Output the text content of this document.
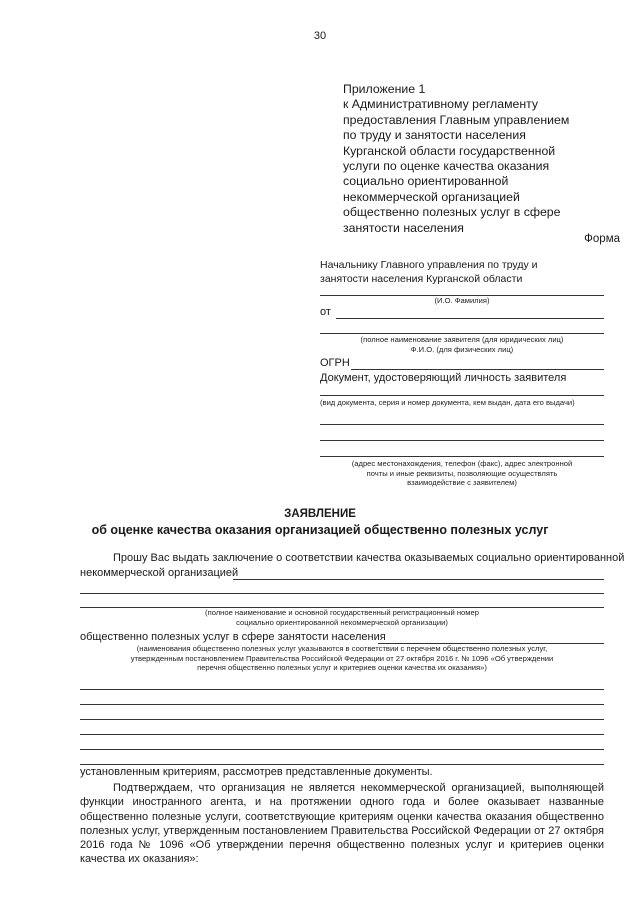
30
Приложение 1
к Административному регламенту
предоставления Главным управлением
по труду и занятости населения
Курганской области государственной
услуги по оценке качества оказания
социально ориентированной
некоммерческой организацией
общественно полезных услуг в сфере
занятости населения
Форма
Начальнику Главного управления по труду и
занятости населения Курганской области
(И.О. Фамилия)
от
(полное наименование заявителя (для юридических лиц)
Ф.И.О. (для физических лиц)
ОГРН
Документ, удостоверяющий личность заявителя
(вид документа, серия и номер документа, кем выдан, дата его выдачи)
(адрес местонахождения, телефон (факс), адрес электронной
почты и иные реквизиты, позволяющие осуществлять
взаимодействие с заявителем)
ЗАЯВЛЕНИЕ
об оценке качества оказания организацией общественно полезных услуг
Прошу Вас выдать заключение о соответствии качества оказываемых социально ориентированной
некоммерческой организацией
(полное наименование и основной государственный регистрационный номер
социально ориентированной некоммерческой организации)
общественно полезных услуг в сфере занятости населения
(наименования общественно полезных услуг указываются в соответствии с перечнем общественно полезных услуг,
утвержденным постановлением Правительства Российской Федерации от 27 октября 2016 г. № 1096 «Об утверждении
перечня общественно полезных услуг и критериев оценки качества их оказания»)
установленным критериям, рассмотрев представленные документы.

Подтверждаем, что организация не является некоммерческой организацией, выполняющей функции иностранного агента, и на протяжении одного года и более оказывает названные общественно полезные услуги, соответствующие критериям оценки качества оказания общественно полезных услуг, утвержденным постановлением Правительства Российской Федерации от 27 октября 2016 года № 1096 «Об утверждении перечня общественно полезных услуг и критериев оценки качества их оказания»:
